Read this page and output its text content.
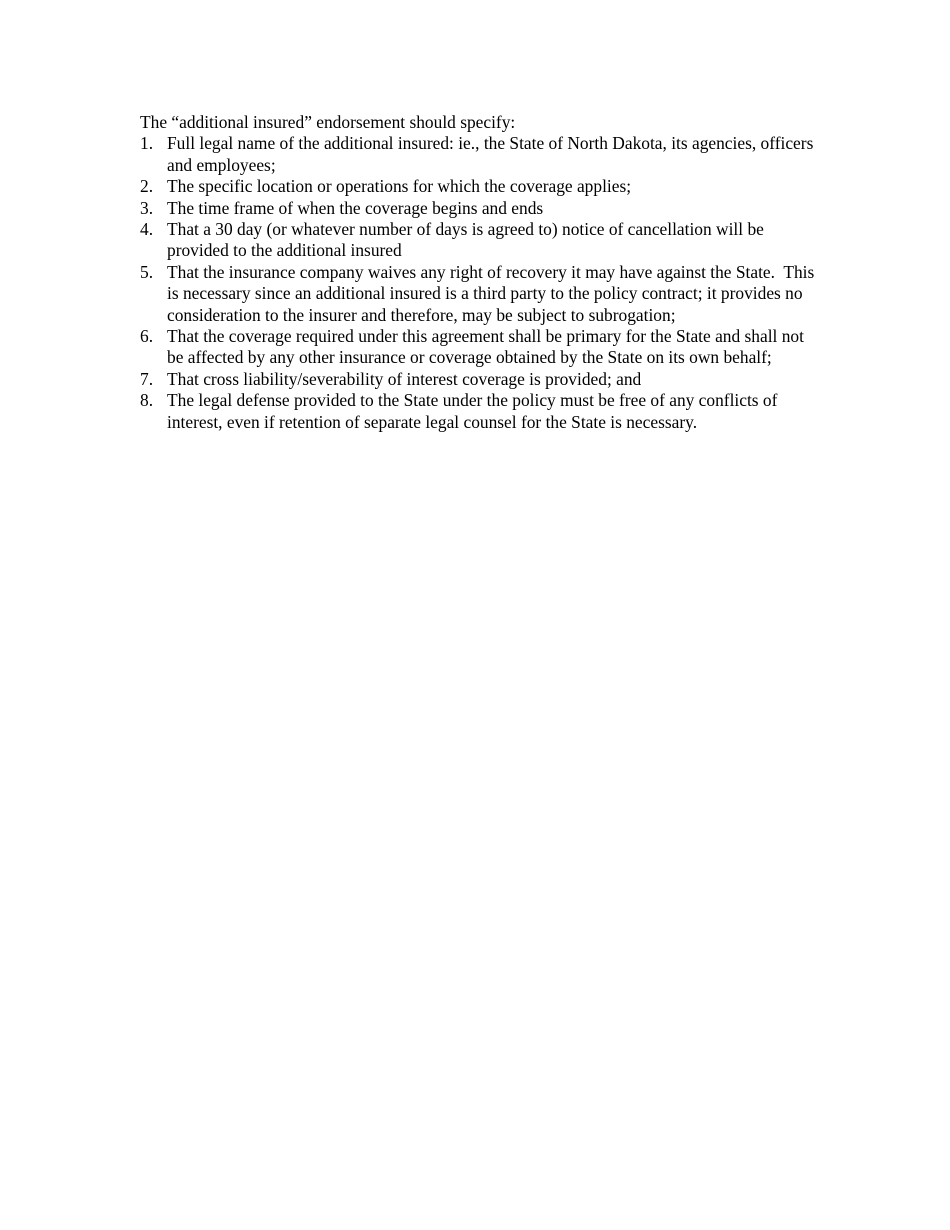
The “additional insured” endorsement should specify:

1. Full legal name of the additional insured: ie., the State of North Dakota, its agencies, officers and employees;
2. The specific location or operations for which the coverage applies;
3. The time frame of when the coverage begins and ends
4. That a 30 day (or whatever number of days is agreed to) notice of cancellation will be provided to the additional insured
5. That the insurance company waives any right of recovery it may have against the State.  This is necessary since an additional insured is a third party to the policy contract; it provides no consideration to the insurer and therefore, may be subject to subrogation;
6. That the coverage required under this agreement shall be primary for the State and shall not be affected by any other insurance or coverage obtained by the State on its own behalf;
7. That cross liability/severability of interest coverage is provided; and
8. The legal defense provided to the State under the policy must be free of any conflicts of interest, even if retention of separate legal counsel for the State is necessary.
